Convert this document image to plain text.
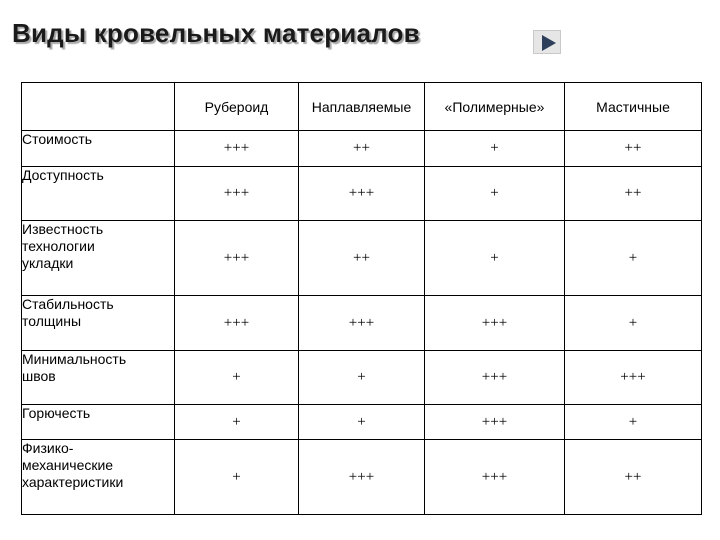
Виды кровельных материалов
	Рубероид	Наплавляемые	«Полимерные»	Мастичные

Стоимость	+++	++	+	++

Доступность	+++	+++	+	++

Известность
технологии
укладки	+++	++	+	+

Стабильность
толщины	+++	+++	+++	+

Минимальность
швов	+	+	+++	+++

Горючесть	+	+	+++	+

Физико-
механические
характеристики	+	+++	+++	++
